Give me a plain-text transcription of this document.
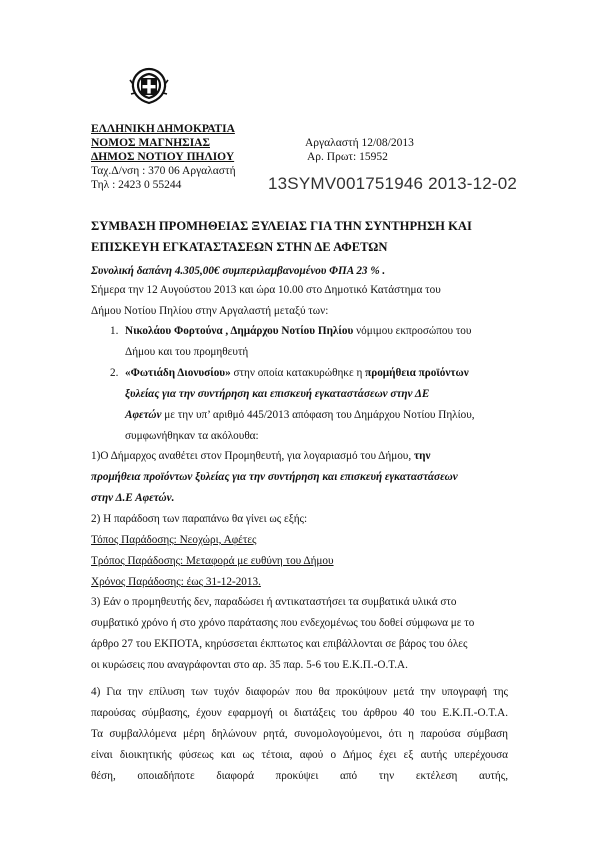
ΕΛΛΗΝΙΚΗ ΔΗΜΟΚΡΑΤΙΑ
ΝΟΜΟΣ ΜΑΓΝΗΣΙΑΣ
ΔΗΜΟΣ ΝΟΤΙΟΥ ΠΗΛΙΟΥ
Ταχ.Δ/νση : 370 06 Αργαλαστή
Τηλ : 2423 0 55244
Αργαλαστή 12/08/2013
Αρ. Πρωτ: 15952
13SYMV001751946 2013-12-02
ΣΥΜΒΑΣΗ ΠΡΟΜΗΘΕΙΑΣ ΞΥΛΕΙΑΣ ΓΙΑ ΤΗΝ ΣΥΝΤΗΡΗΣΗ ΚΑΙ
ΕΠΙΣΚΕΥΗ ΕΓΚΑΤΑΣΤΑΣΕΩΝ ΣΤΗΝ ΔΕ ΑΦΕΤΩΝ
Συνολική δαπάνη 4.305,00€ συμπεριλαμβανομένου ΦΠΑ 23 % .
Σήμερα την 12 Αυγούστου 2013 και ώρα 10.00 στο Δημοτικό Κατάστημα του
Δήμου Νοτίου Πηλίου στην Αργαλαστή μεταξύ των:
1. Νικολάου Φορτούνα , Δημάρχου Νοτίου Πηλίου νόμιμου εκπροσώπου του
Δήμου και του προμηθευτή
2. «Φωτιάδη Διονυσίου» στην οποία κατακυρώθηκε η προμήθεια προϊόντων
ξυλείας για την συντήρηση και επισκευή εγκαταστάσεων στην ΔΕ
Αφετών με την υπ’ αριθμό 445/2013 απόφαση του Δημάρχου Νοτίου Πηλίου,
συμφωνήθηκαν τα ακόλουθα:
1)Ο Δήμαρχος αναθέτει στον Προμηθευτή, για λογαριασμό του Δήμου, την
προμήθεια προϊόντων ξυλείας για την συντήρηση και επισκευή εγκαταστάσεων
στην Δ.Ε Αφετών.
2) Η παράδοση των παραπάνω θα γίνει ως εξής:
Τόπος Παράδοσης: Νεοχώρι, Αφέτες
Τρόπος Παράδοσης: Μεταφορά με ευθύνη του Δήμου
Χρόνος Παράδοσης: έως 31-12-2013.
3) Εάν ο προμηθευτής δεν, παραδώσει ή αντικαταστήσει τα συμβατικά υλικά στο
συμβατικό χρόνο ή στο χρόνο παράτασης που ενδεχομένως του δοθεί σύμφωνα με το
άρθρο 27 του ΕΚΠΟΤΑ, κηρύσσεται έκπτωτος και επιβάλλονται σε βάρος του όλες
οι κυρώσεις που αναγράφονται στο αρ. 35 παρ. 5-6 του Ε.Κ.Π.-Ο.Τ.Α.
4) Για την επίλυση των τυχόν διαφορών που θα προκύψουν μετά την υπογραφή της
παρούσας σύμβασης, έχουν εφαρμογή οι διατάξεις του άρθρου 40 του Ε.Κ.Π.-Ο.Τ.Α.
Τα συμβαλλόμενα μέρη δηλώνουν ρητά, συνομολογούμενοι, ότι η παρούσα σύμβαση
είναι διοικητικής φύσεως και ως τέτοια, αφού ο Δήμος έχει εξ αυτής υπερέχουσα
θέση, οποιαδήποτε διαφορά προκύψει από την εκτέλεση αυτής,
